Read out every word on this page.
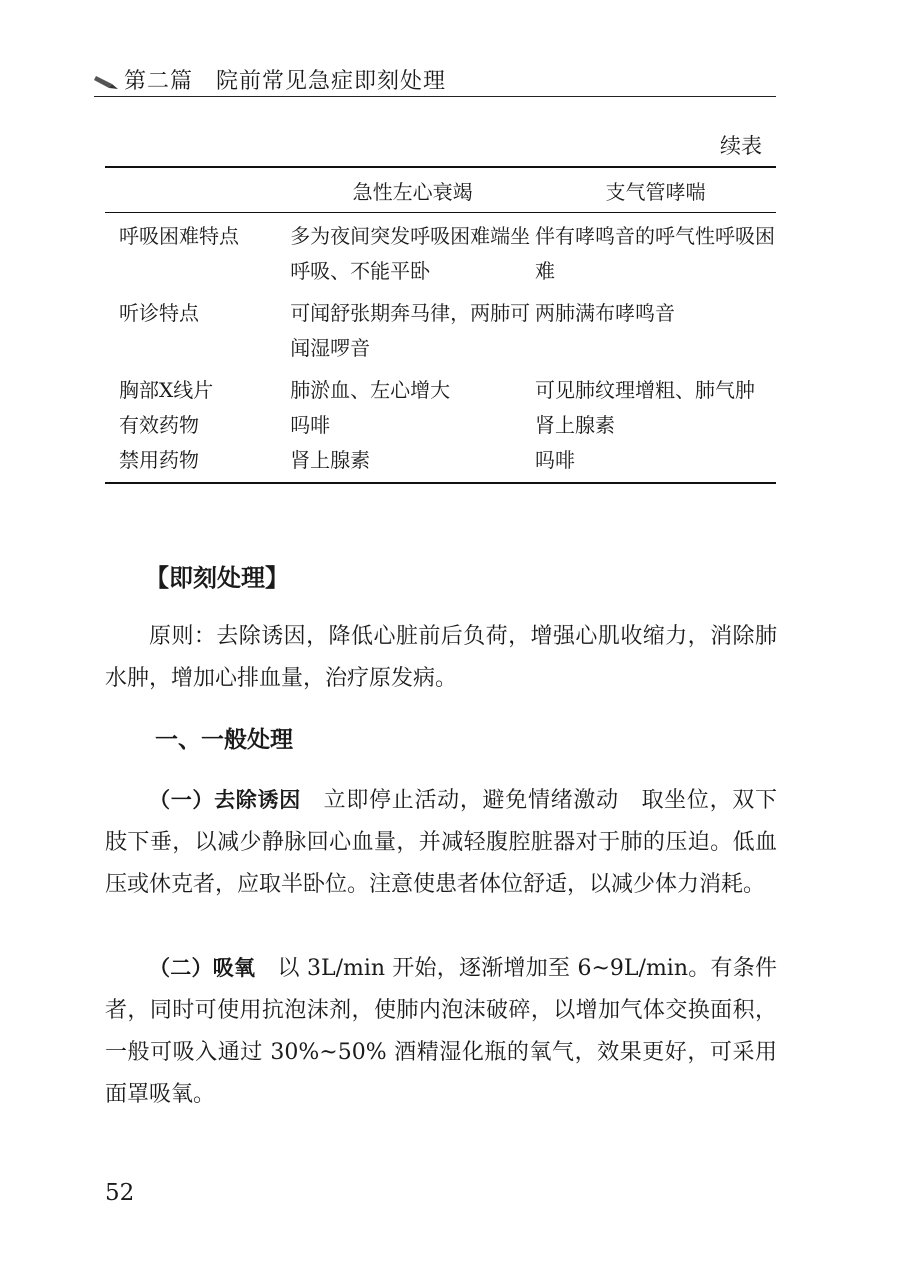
第二篇　院前常见急症即刻处理
续表
	急性左心衰竭	支气管哮喘
呼吸困难特点	多为夜间突发呼吸困难端坐呼吸、不能平卧	伴有哮鸣音的呼气性呼吸困难
听诊特点	可闻舒张期奔马律，两肺可闻湿啰音	两肺满布哮鸣音
胸部X线片	肺淤血、左心增大	可见肺纹理增粗、肺气肿
有效药物	吗啡	肾上腺素
禁用药物	肾上腺素	吗啡
【即刻处理】

原则：去除诱因，降低心脏前后负荷，增强心肌收缩力，消除肺水肿，增加心排血量，治疗原发病。

一、一般处理

（一）去除诱因 立即停止活动，避免情绪激动　取坐位，双下肢下垂，以减少静脉回心血量，并减轻腹腔脏器对于肺的压迫。低血压或休克者，应取半卧位。注意使患者体位舒适，以减少体力消耗。

（二）吸氧 以 3L/min 开始，逐渐增加至 6~9L/min。有条件者，同时可使用抗泡沫剂，使肺内泡沫破碎，以增加气体交换面积，一般可吸入通过 30%~50% 酒精湿化瓶的氧气，效果更好，可采用面罩吸氧。

52
